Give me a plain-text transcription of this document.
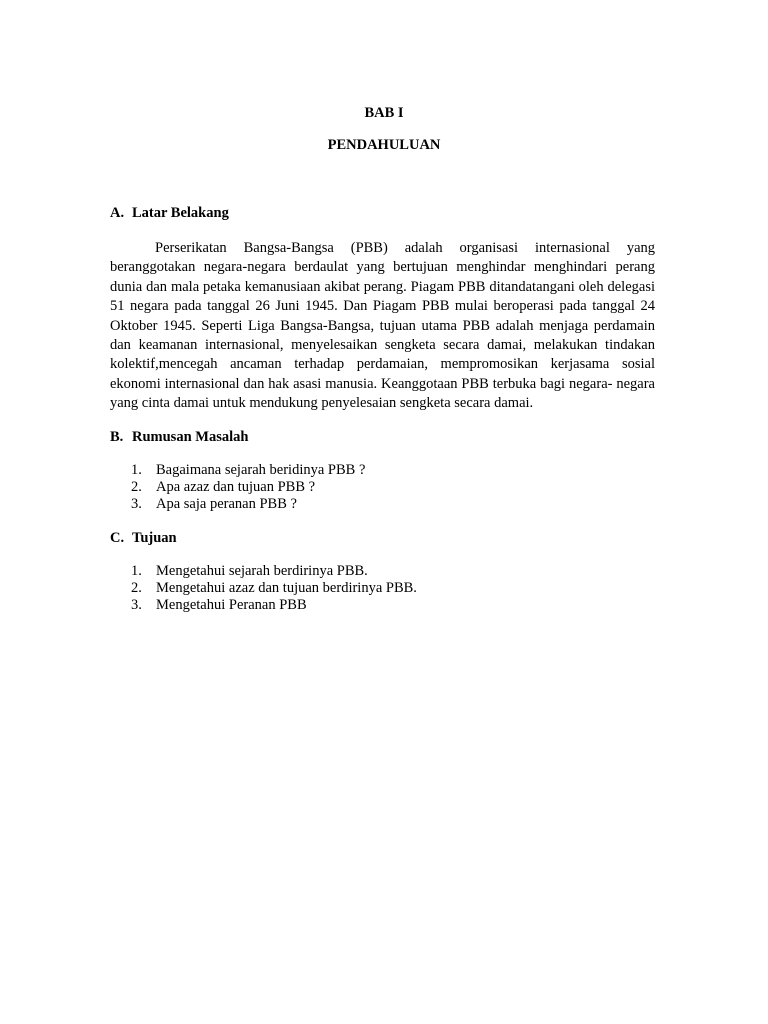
BAB I
PENDAHULUAN
A. Latar Belakang

Perserikatan Bangsa-Bangsa (PBB) adalah organisasi internasional yang beranggotakan negara-negara berdaulat yang bertujuan menghindar menghindari perang dunia dan mala petaka kemanusiaan akibat perang. Piagam PBB ditandatangani oleh delegasi 51 negara pada tanggal 26 Juni 1945. Dan Piagam PBB mulai beroperasi pada tanggal 24 Oktober 1945. Seperti Liga Bangsa-Bangsa, tujuan utama PBB adalah menjaga perdamain dan keamanan internasional, menyelesaikan sengketa secara damai, melakukan tindakan kolektif,mencegah ancaman terhadap perdamaian, mempromosikan kerjasama sosial ekonomi internasional dan hak asasi manusia. Keanggotaan PBB terbuka bagi negara- negara yang cinta damai untuk mendukung penyelesaian sengketa secara damai.

B. Rumusan Masalah
1. Bagaimana sejarah beridinya PBB ?
2. Apa azaz dan tujuan PBB ?
3. Apa saja peranan PBB ?
C. Tujuan
1. Mengetahui sejarah berdirinya PBB.
2. Mengetahui azaz dan tujuan berdirinya PBB.
3. Mengetahui Peranan PBB
